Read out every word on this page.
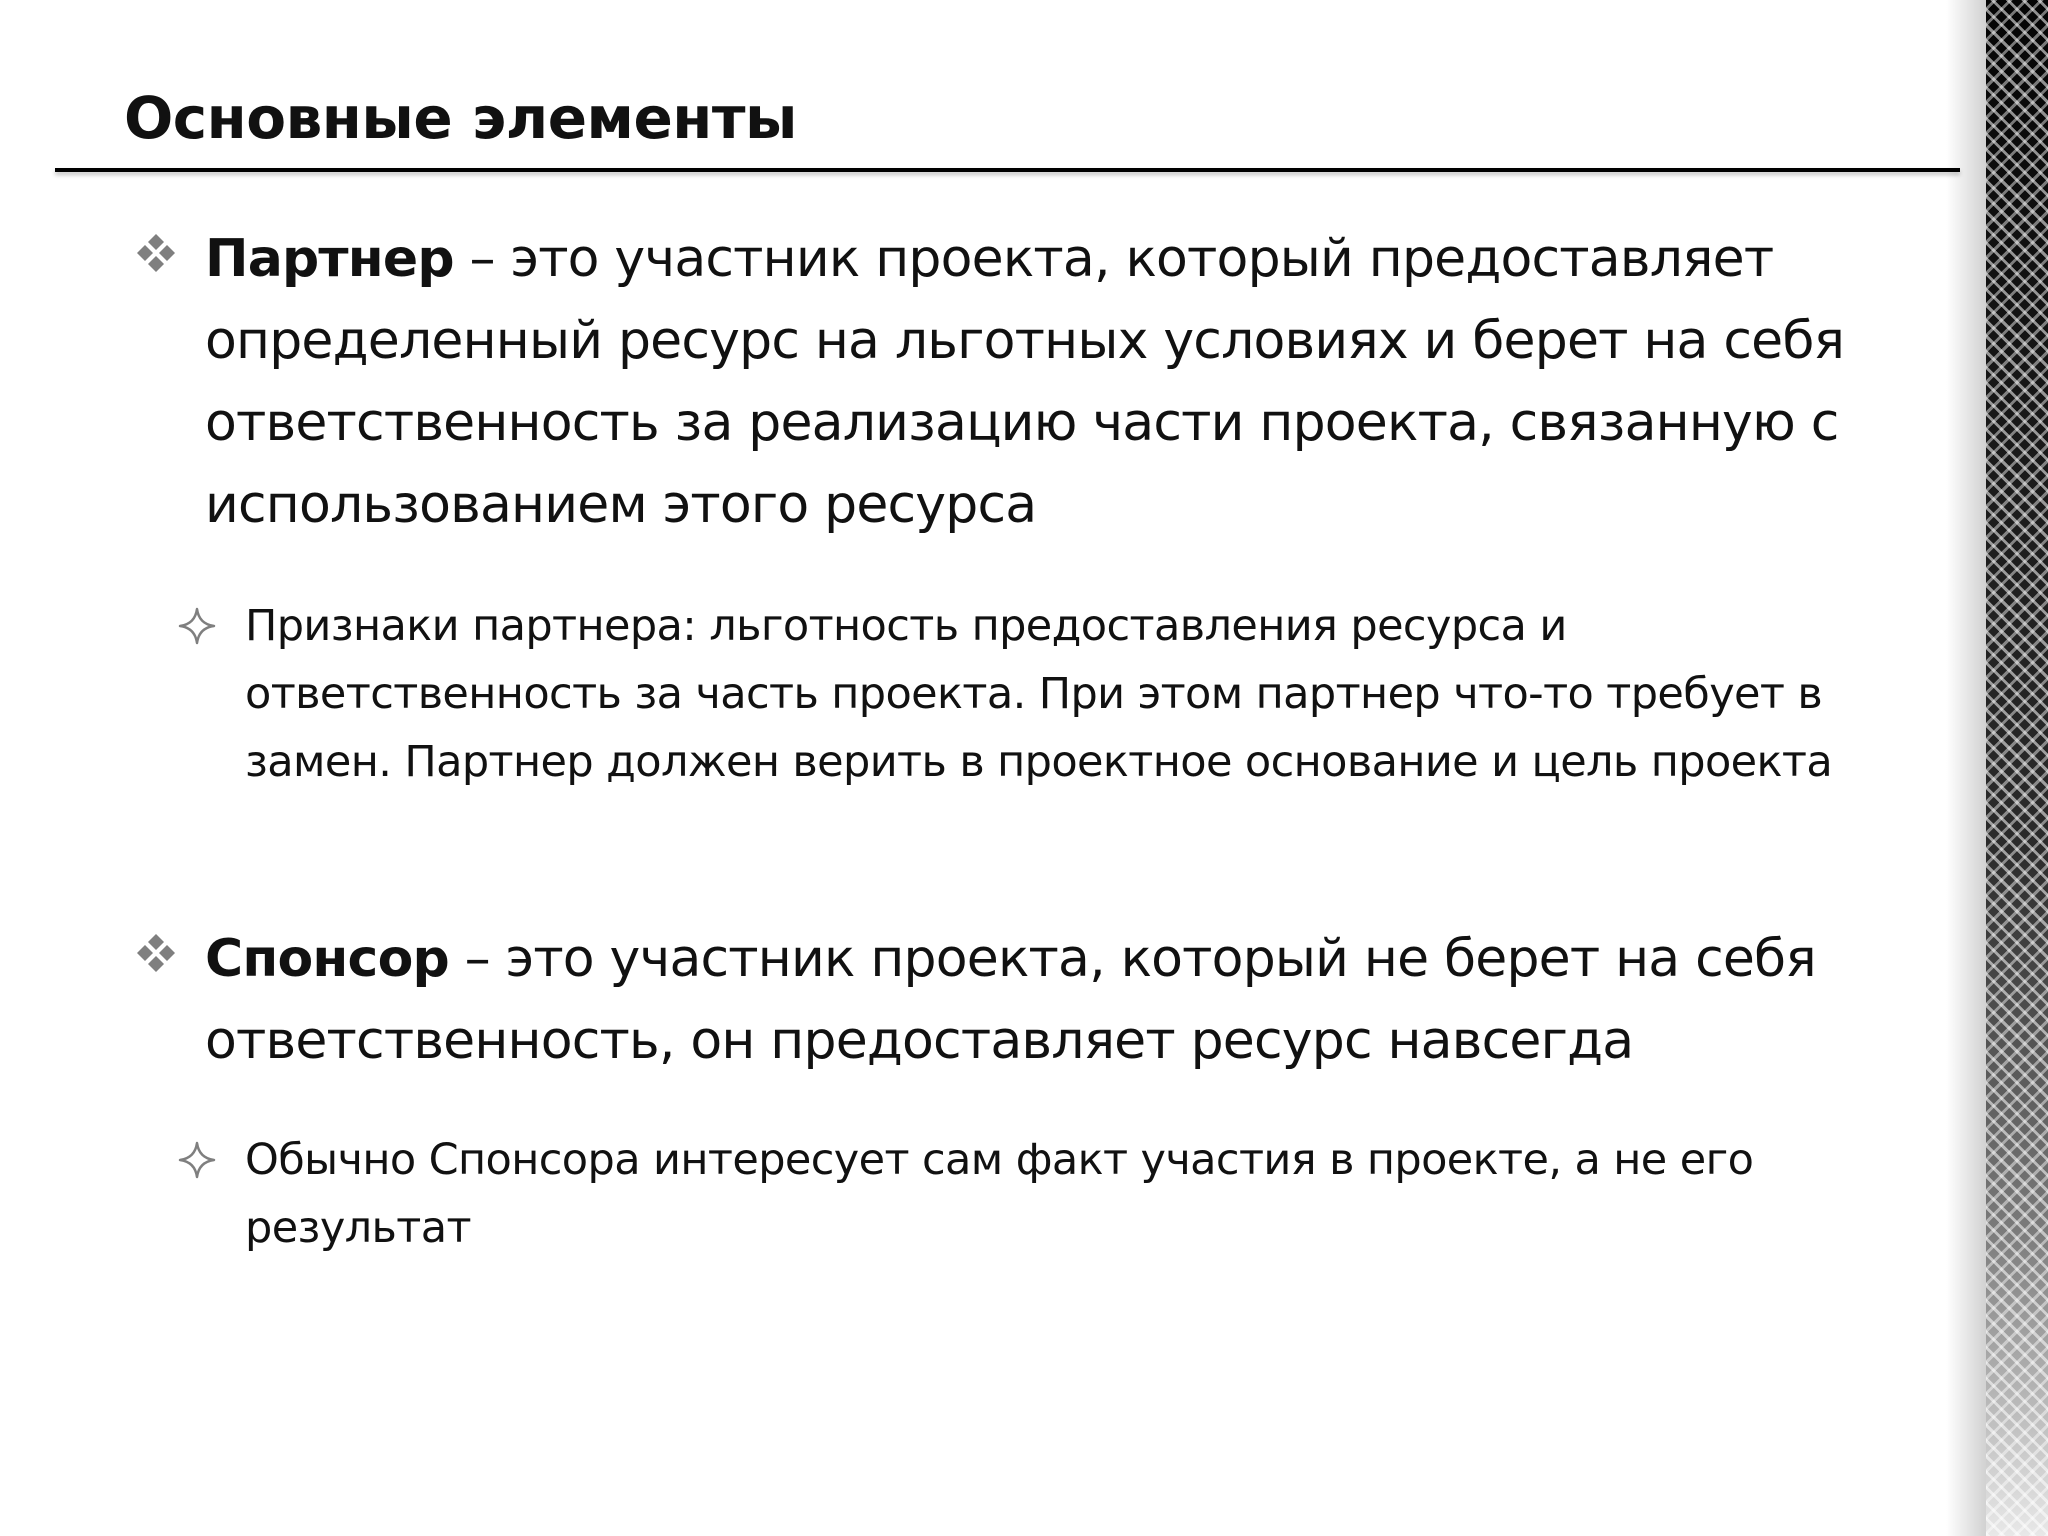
Основные элементы

Партнер – это участник проекта, который предоставляет определенный ресурс на льготных условиях и берет на себя ответственность за реализацию части проекта, связанную с использованием этого ресурса

Признаки партнера: льготность предоставления ресурса и ответственность за часть проекта. При этом партнер что-то требует в замен. Партнер должен верить в проектное основание и цель проекта

Спонсор – это участник проекта, который не берет на себя ответственность, он предоставляет ресурс навсегда

Обычно Спонсора интересует сам факт участия в проекте, а не его результат
